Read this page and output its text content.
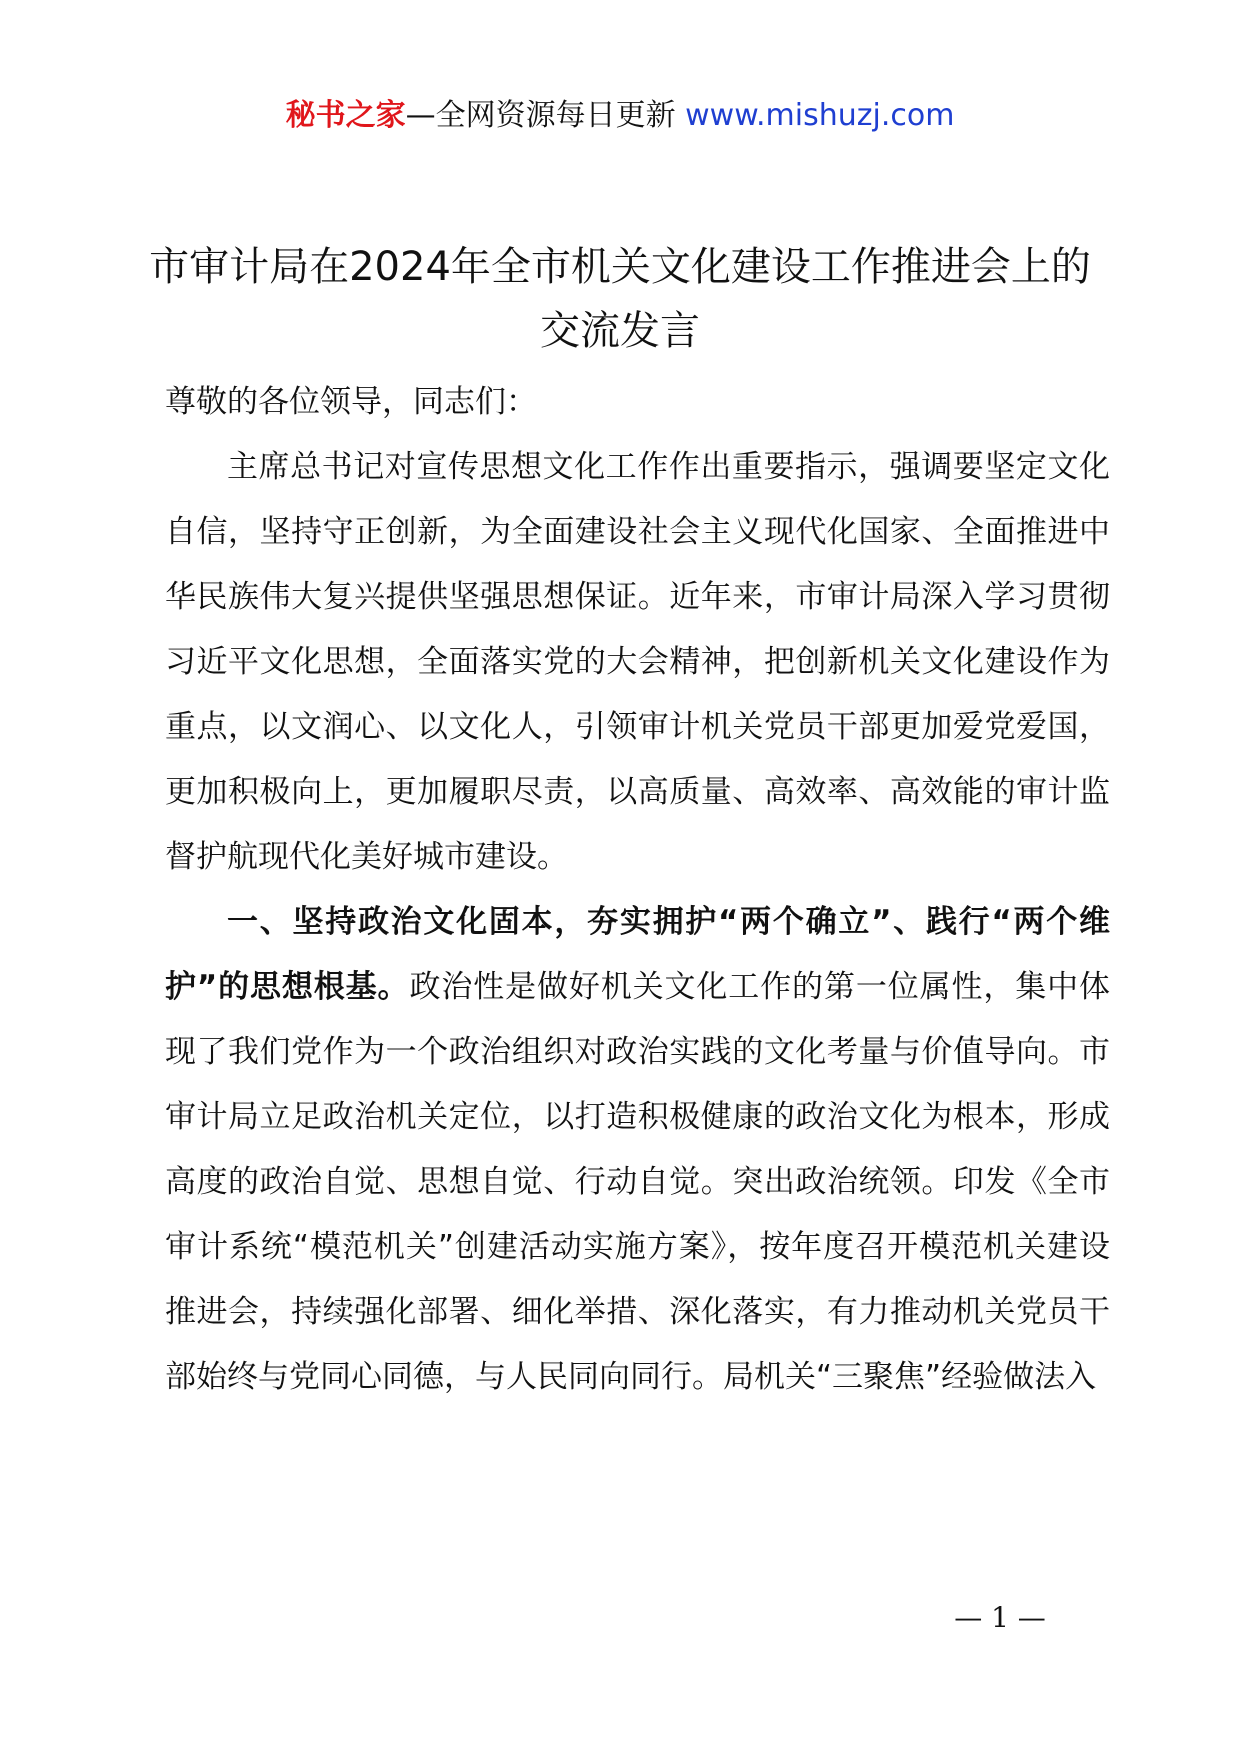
秘书之家—全网资源每日更新 www.mishuzj.com
市审计局在2024年全市机关文化建设工作推进会上的交流发言

尊敬的各位领导，同志们：

主席总书记对宣传思想文化工作作出重要指示，强调要坚定文化自信，坚持守正创新，为全面建设社会主义现代化国家、全面推进中华民族伟大复兴提供坚强思想保证。近年来，市审计局深入学习贯彻习近平文化思想，全面落实党的大会精神，把创新机关文化建设作为重点，以文润心、以文化人，引领审计机关党员干部更加爱党爱国，更加积极向上，更加履职尽责，以高质量、高效率、高效能的审计监督护航现代化美好城市建设。

一、坚持政治文化固本，夯实拥护“两个确立”、践行“两个维护”的思想根基。政治性是做好机关文化工作的第一位属性，集中体现了我们党作为一个政治组织对政治实践的文化考量与价值导向。市审计局立足政治机关定位，以打造积极健康的政治文化为根本，形成高度的政治自觉、思想自觉、行动自觉。突出政治统领。印发《全市审计系统“模范机关”创建活动实施方案》，按年度召开模范机关建设推进会，持续强化部署、细化举措、深化落实，有力推动机关党员干部始终与党同心同德，与人民同向同行。局机关“三聚焦”经验做法入

— 1 —
